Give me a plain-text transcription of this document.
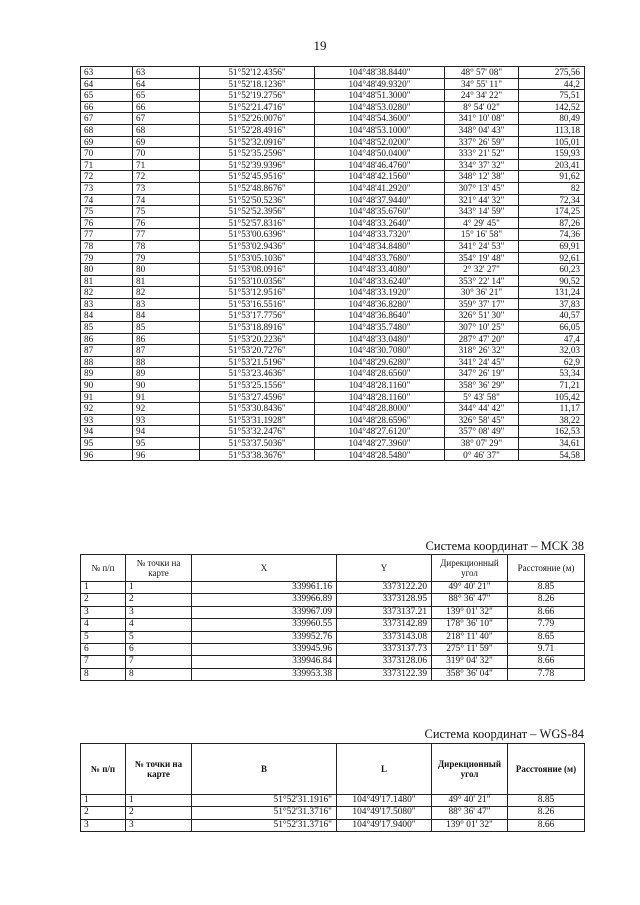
19
63	63	51°52'12.4356"	104°48'38.8440"	48° 57' 08"	275,56
64	64	51°52'18.1236"	104°48'49.9320"	34° 55' 11"	44,2
65	65	51°52'19.2756"	104°48'51.3000"	24° 34' 22"	75,51
66	66	51°52'21.4716"	104°48'53.0280"	8° 54' 02"	142,52
67	67	51°52'26.0076"	104°48'54.3600"	341° 10' 08"	80,49
68	68	51°52'28.4916"	104°48'53.1000"	348° 04' 43"	113,18
69	69	51°52'32.0916"	104°48'52.0200"	337° 26' 59"	105,01
70	70	51°52'35.2596"	104°48'50.0400"	333° 21' 52"	159,93
71	71	51°52'39.9396"	104°48'46.4760"	334° 37' 32"	203,41
72	72	51°52'45.9516"	104°48'42.1560"	348° 12' 38"	91,62
73	73	51°52'48.8676"	104°48'41.2920"	307° 13' 45"	82
74	74	51°52'50.5236"	104°48'37.9440"	321° 44' 32"	72,34
75	75	51°52'52.3956"	104°48'35.6760"	343° 14' 59"	174,25
76	76	51°52'57.8316"	104°48'33.2640"	4° 29' 45"	87,26
77	77	51°53'00.6396"	104°48'33.7320"	15° 16' 58"	74,36
78	78	51°53'02.9436"	104°48'34.8480"	341° 24' 53"	69,91
79	79	51°53'05.1036"	104°48'33.7680"	354° 19' 48"	92,61
80	80	51°53'08.0916"	104°48'33.4080"	2° 32' 27"	60,23
81	81	51°53'10.0356"	104°48'33.6240"	353° 22' 14"	90,52
82	82	51°53'12.9516"	104°48'33.1920"	30° 36' 21"	131,24
83	83	51°53'16.5516"	104°48'36.8280"	359° 37' 17"	37,83
84	84	51°53'17.7756"	104°48'36.8640"	326° 51' 30"	40,57
85	85	51°53'18.8916"	104°48'35.7480"	307° 10' 25"	66,05
86	86	51°53'20.2236"	104°48'33.0480"	287° 47' 20"	47,4
87	87	51°53'20.7276"	104°48'30.7080"	318° 26' 32"	32,03
88	88	51°53'21.5196"	104°48'29.6280"	341° 24' 45"	62,9
89	89	51°53'23.4636"	104°48'28.6560"	347° 26' 19"	53,34
90	90	51°53'25.1556"	104°48'28.1160"	358° 36' 29"	71,21
91	91	51°53'27.4596"	104°48'28.1160"	5° 43' 58"	105,42
92	92	51°53'30.8436"	104°48'28.8000"	344° 44' 42"	11,17
93	93	51°53'31.1928"	104°48'28.6596"	326° 58' 45"	38,22
94	94	51°53'32.2476"	104°48'27.6120"	357° 08' 49"	162,53
95	95	51°53'37.5036"	104°48'27.3960"	38° 07' 29"	34,61
96	96	51°53'38.3676"	104°48'28.5480"	0° 46' 37"	54,58
Система координат – МСК 38
№ п/п	№ точки на карте	X	Y	Дирекционный угол	Расстояние (м)
1	1	339961.16	3373122.20	49° 40' 21"	8.85
2	2	339966.89	3373128.95	88° 36' 47"	8.26
3	3	339967.09	3373137.21	139° 01' 32"	8.66
4	4	339960.55	3373142.89	178° 36' 10"	7.79
5	5	339952.76	3373143.08	218° 11' 40"	8.65
6	6	339945.96	3373137.73	275° 11' 59"	9.71
7	7	339946.84	3373128.06	319° 04' 32"	8.66
8	8	339953.38	3373122.39	358° 36' 04"	7.78
Система координат – WGS-84
№ п/п	№ точки на карте	B	L	Дирекционный угол	Расстояние (м)
1	1	51°52'31.1916"	104°49'17.1480"	49° 40' 21"	8.85
2	2	51°52'31.3716"	104°49'17.5080"	88° 36' 47"	8.26
3	3	51°52'31.3716"	104°49'17.9400"	139° 01' 32"	8.66
